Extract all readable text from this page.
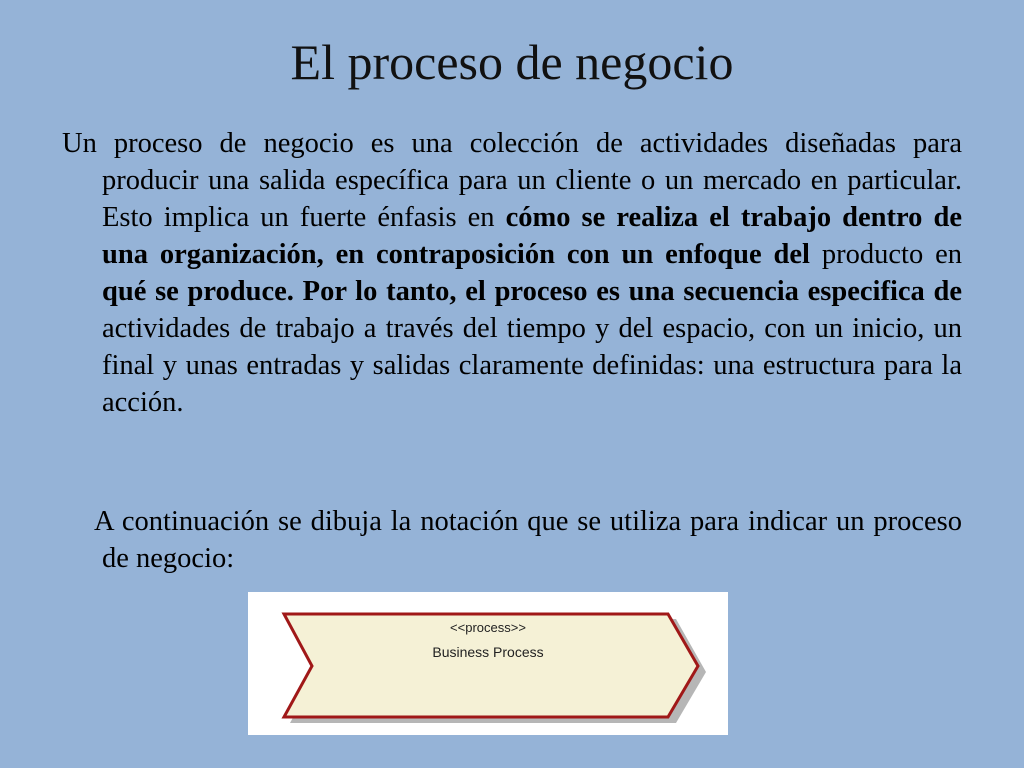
El proceso de negocio
Un proceso de negocio es una colección de actividades diseñadas para producir una salida específica para un cliente o un mercado en particular. Esto implica un fuerte énfasis en cómo se realiza el trabajo dentro de una organización, en contraposición con un enfoque del producto en qué se produce. Por lo tanto, el proceso es una secuencia especifica de actividades de trabajo a través del tiempo y del espacio, con un inicio, un final y unas entradas y salidas claramente definidas: una estructura para la acción.
A continuación se dibuja la notación que se utiliza para indicar un proceso de negocio:
<<process>>
Business Process
